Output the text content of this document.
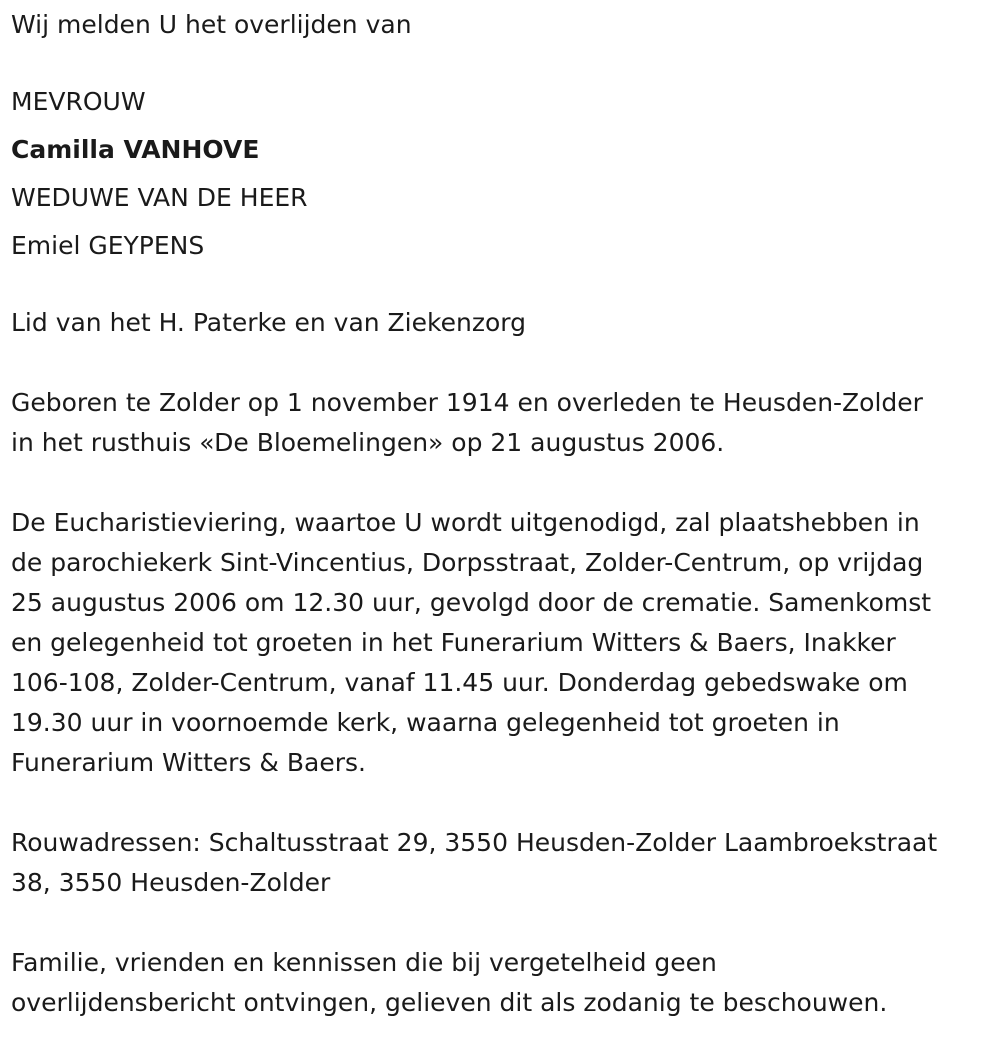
Wij melden U het overlijden van
MEVROUW
Camilla VANHOVE
WEDUWE VAN DE HEER
Emiel GEYPENS
Lid van het H. Paterke en van Ziekenzorg
Geboren te Zolder op 1 november 1914 en overleden te Heusden-Zolder
in het rusthuis «De Bloemelingen» op 21 augustus 2006.
De Eucharistieviering, waartoe U wordt uitgenodigd, zal plaatshebben in
de parochiekerk Sint-Vincentius, Dorpsstraat, Zolder-Centrum, op vrijdag
25 augustus 2006 om 12.30 uur, gevolgd door de crematie. Samenkomst
en gelegenheid tot groeten in het Funerarium Witters & Baers, Inakker
106-108, Zolder-Centrum, vanaf 11.45 uur. Donderdag gebedswake om
19.30 uur in voornoemde kerk, waarna gelegenheid tot groeten in
Funerarium Witters & Baers.
Rouwadressen: Schaltusstraat 29, 3550 Heusden-Zolder Laambroekstraat
38, 3550 Heusden-Zolder
Familie, vrienden en kennissen die bij vergetelheid geen
overlijdensbericht ontvingen, gelieven dit als zodanig te beschouwen.
